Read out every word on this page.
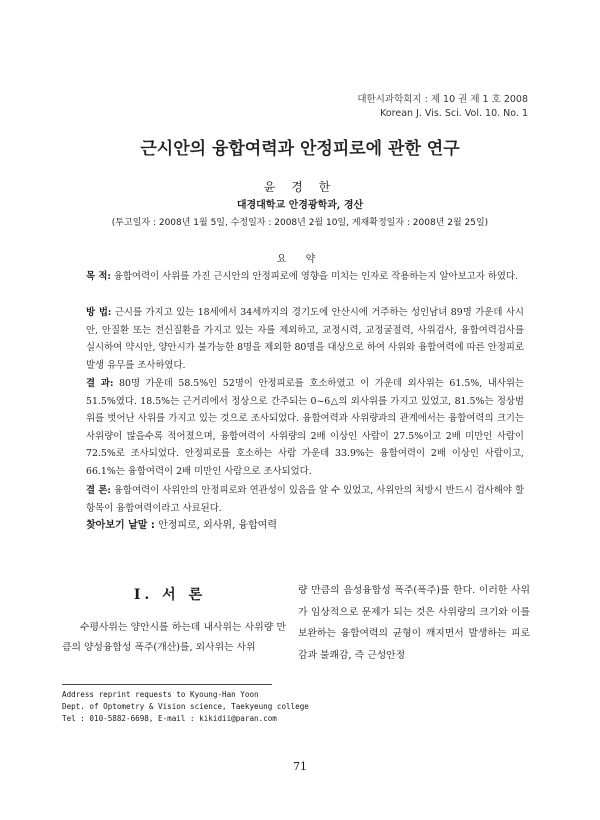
대한시과학회지 : 제 10 권 제 1 호 2008
Korean J. Vis. Sci. Vol. 10. No. 1
근시안의 융합여력과 안정피로에 관한 연구
윤 경 한
대경대학교 안경광학과, 경산
(투고일자 : 2008년 1월 5일, 수정일자 : 2008년 2월 10일, 게재확정일자 : 2008년 2월 25일)
요 약
목 적: 융합여력이 사위를 가진 근시안의 안정피로에 영향을 미치는 인자로 작용하는지 알아보고자 하였다.
방 법: 근시를 가지고 있는 18세에서 34세까지의 경기도에 안산시에 거주하는 성인남녀 89명 가운데 사시안, 안질환 또는 전신질환을 가지고 있는 자를 제외하고, 교정시력, 교정굴절력, 사위검사, 융합여력검사를 실시하여 약시안, 양안시가 불가능한 8명을 제외한 80명을 대상으로 하여 사위와 융합여력에 따른 안정피로 발생 유무를 조사하였다.
결 과: 80명 가운데 58.5%인 52명이 안정피로를 호소하였고 이 가운데 외사위는 61.5%, 내사위는 51.5%였다. 18.5%는 근거리에서 정상으로 간주되는 0~6△의 외사위를 가지고 있었고, 81.5%는 정상범위를 벗어난 사위를 가지고 있는 것으로 조사되었다. 융합여력과 사위량과의 관계에서는 융합여력의 크기는 사위량이 많을수록 적어졌으며, 융합여력이 사위량의 2배 이상인 사람이 27.5%이고 2배 미만인 사람이 72.5%로 조사되었다. 안정피로를 호소하는 사람 가운데 33.9%는 융합여력이 2배 이상인 사람이고, 66.1%는 융합여력이 2배 미만인 사람으로 조사되었다.
결 론: 융합여력이 사위안의 안정피로와 연관성이 있음을 알 수 있었고, 사위안의 처방시 반드시 검사해야 할 항목이 융합여력이라고 사료된다.
찾아보기 낱말 : 안정피로, 외사위, 융합여력
Ⅰ. 서 론
수평사위는 양안시를 하는데 내사위는 사위량 만큼의 양성융합성 폭주(개산)를, 외사위는 사위
량 만큼의 음성융합성 폭주(폭주)를 한다. 이러한 사위가 임상적으로 문제가 되는 것은 사위량의 크기와 이를 보완하는 융합여력의 균형이 깨지면서 발생하는 피로감과 불쾌감, 즉 근성안정
Address reprint requests to Kyoung-Han Yoon
Dept. of Optometry & Vision science, Taekyeung college
Tel : 010-5882-6698, E-mail : kikidii@paran.com
71
